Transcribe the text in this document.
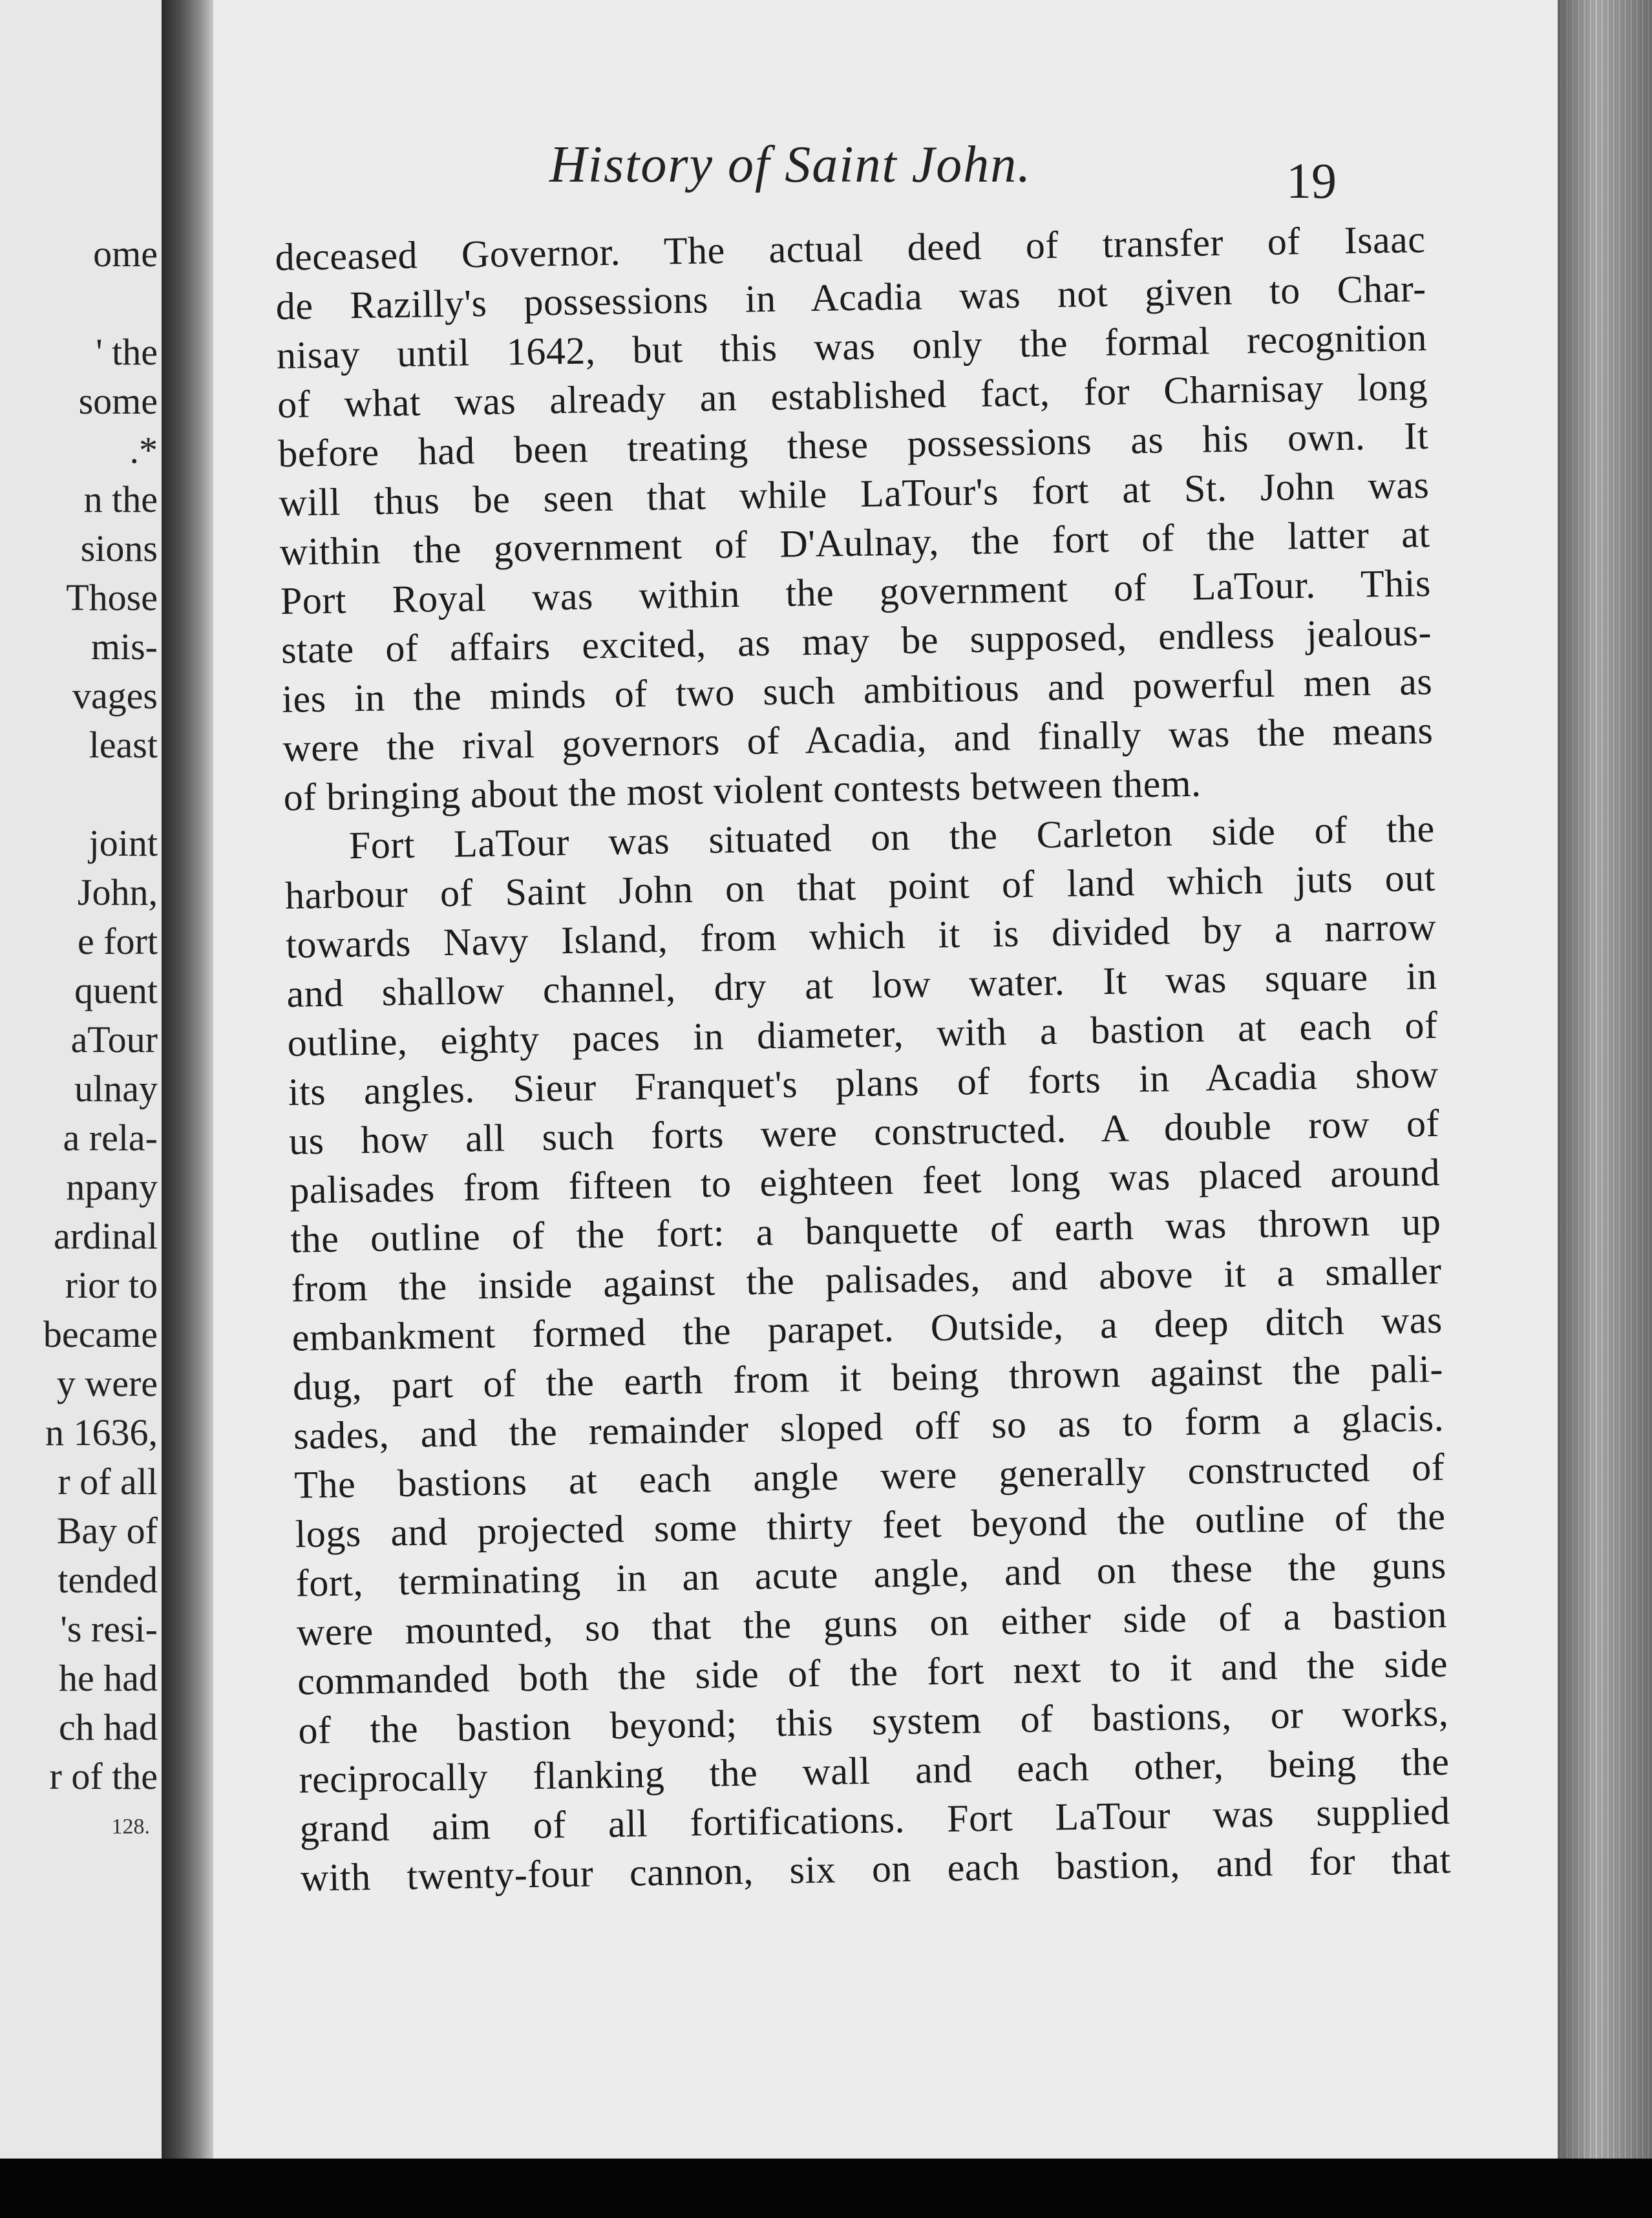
ome
' the
some
.*
n the
sions
Those
mis-
vages
least
joint
John,
e fort
quent
aTour
ulnay
a rela-
npany
ardinal
rior to
became
y were
n 1636,
r of all
Bay of
tended
's resi-
he had
ch had
r of the
128.
History of Saint John.	19
deceased Governor. The actual deed of transfer of Isaac
de Razilly's possessions in Acadia was not given to Char-
nisay until 1642, but this was only the formal recognition
of what was already an established fact, for Charnisay long
before had been treating these possessions as his own. It
will thus be seen that while LaTour's fort at St. John was
within the government of D'Aulnay, the fort of the latter at
Port Royal was within the government of LaTour. This
state of affairs excited, as may be supposed, endless jealous-
ies in the minds of two such ambitious and powerful men as
were the rival governors of Acadia, and finally was the means
of bringing about the most violent contests between them.
Fort LaTour was situated on the Carleton side of the
harbour of Saint John on that point of land which juts out
towards Navy Island, from which it is divided by a narrow
and shallow channel, dry at low water. It was square in
outline, eighty paces in diameter, with a bastion at each of
its angles. Sieur Franquet's plans of forts in Acadia show
us how all such forts were constructed. A double row of
palisades from fifteen to eighteen feet long was placed around
the outline of the fort: a banquette of earth was thrown up
from the inside against the palisades, and above it a smaller
embankment formed the parapet. Outside, a deep ditch was
dug, part of the earth from it being thrown against the pali-
sades, and the remainder sloped off so as to form a glacis.
The bastions at each angle were generally constructed of
logs and projected some thirty feet beyond the outline of the
fort, terminating in an acute angle, and on these the guns
were mounted, so that the guns on either side of a bastion
commanded both the side of the fort next to it and the side
of the bastion beyond; this system of bastions, or works,
reciprocally flanking the wall and each other, being the
grand aim of all fortifications. Fort LaTour was supplied
with twenty-four cannon, six on each bastion, and for that
